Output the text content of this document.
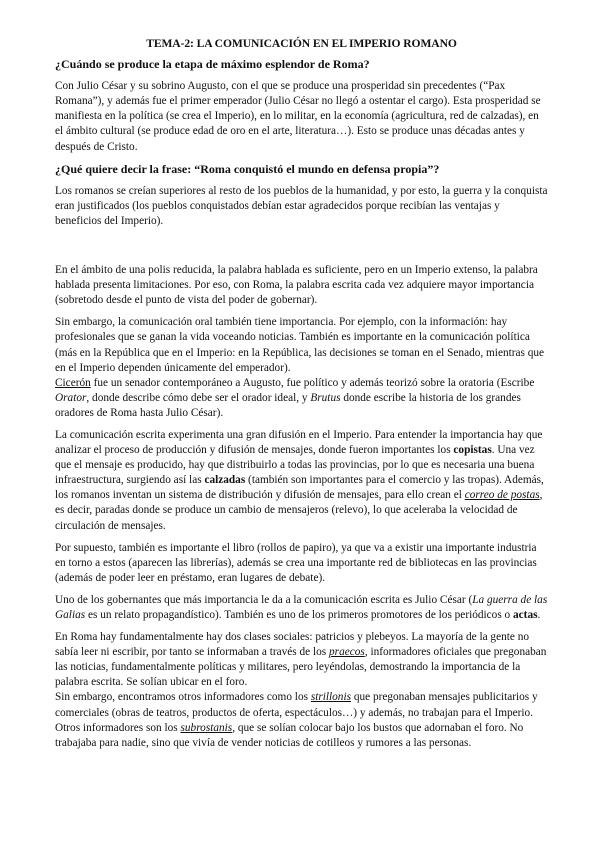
TEMA-2: LA COMUNICACIÓN EN EL IMPERIO ROMANO
¿Cuándo se produce la etapa de máximo esplendor de Roma?

Con Julio César y su sobrino Augusto, con el que se produce una prosperidad sin precedentes (“Pax Romana”), y además fue el primer emperador (Julio César no llegó a ostentar el cargo). Esta prosperidad se manifiesta en la política (se crea el Imperio), en lo militar, en la economía (agricultura, red de calzadas), en el ámbito cultural (se produce edad de oro en el arte, literatura…). Esto se produce unas décadas antes y después de Cristo.

¿Qué quiere decir la frase: “Roma conquistó el mundo en defensa propia”?

Los romanos se creían superiores al resto de los pueblos de la humanidad, y por esto, la guerra y la conquista eran justificados (los pueblos conquistados debían estar agradecidos porque recibían las ventajas y beneficios del Imperio).

En el ámbito de una polis reducida, la palabra hablada es suficiente, pero en un Imperio extenso, la palabra hablada presenta limitaciones. Por eso, con Roma, la palabra escrita cada vez adquiere mayor importancia (sobretodo desde el punto de vista del poder de gobernar).

Sin embargo, la comunicación oral también tiene importancia. Por ejemplo, con la información: hay profesionales que se ganan la vida voceando noticias. También es importante en la comunicación política (más en la República que en el Imperio: en la República, las decisiones se toman en el Senado, mientras que en el Imperio dependen únicamente del emperador).

Cicerón fue un senador contemporáneo a Augusto, fue político y además teorizó sobre la oratoria (Escribe Orator, donde describe cómo debe ser el orador ideal, y Brutus donde escribe la historia de los grandes oradores de Roma hasta Julio César).

La comunicación escrita experimenta una gran difusión en el Imperio. Para entender la importancia hay que analizar el proceso de producción y difusión de mensajes, donde fueron importantes los copistas. Una vez que el mensaje es producido, hay que distribuirlo a todas las provincias, por lo que es necesaria una buena infraestructura, surgiendo así las calzadas (también son importantes para el comercio y las tropas). Además, los romanos inventan un sistema de distribución y difusión de mensajes, para ello crean el correo de postas, es decir, paradas donde se produce un cambio de mensajeros (relevo), lo que aceleraba la velocidad de circulación de mensajes.

Por supuesto, también es importante el libro (rollos de papiro), ya que va a existir una importante industria en torno a estos (aparecen las librerías), además se crea una importante red de bibliotecas en las provincias (además de poder leer en préstamo, eran lugares de debate).

Uno de los gobernantes que más importancia le da a la comunicación escrita es Julio César (La guerra de las Galias es un relato propagandístico). También es uno de los primeros promotores de los periódicos o actas.

En Roma hay fundamentalmente hay dos clases sociales: patricios y plebeyos. La mayoría de la gente no sabía leer ni escribir, por tanto se informaban a través de los praecos, informadores oficiales que pregonaban las noticias, fundamentalmente políticas y militares, pero leyéndolas, demostrando la importancia de la palabra escrita. Se solían ubicar en el foro.

Sin embargo, encontramos otros informadores como los strillonis que pregonaban mensajes publicitarios y comerciales (obras de teatros, productos de oferta, espectáculos…) y además, no trabajan para el Imperio.

Otros informadores son los subrostanis, que se solían colocar bajo los bustos que adornaban el foro. No trabajaba para nadie, sino que vivía de vender noticias de cotilleos y rumores a las personas.
